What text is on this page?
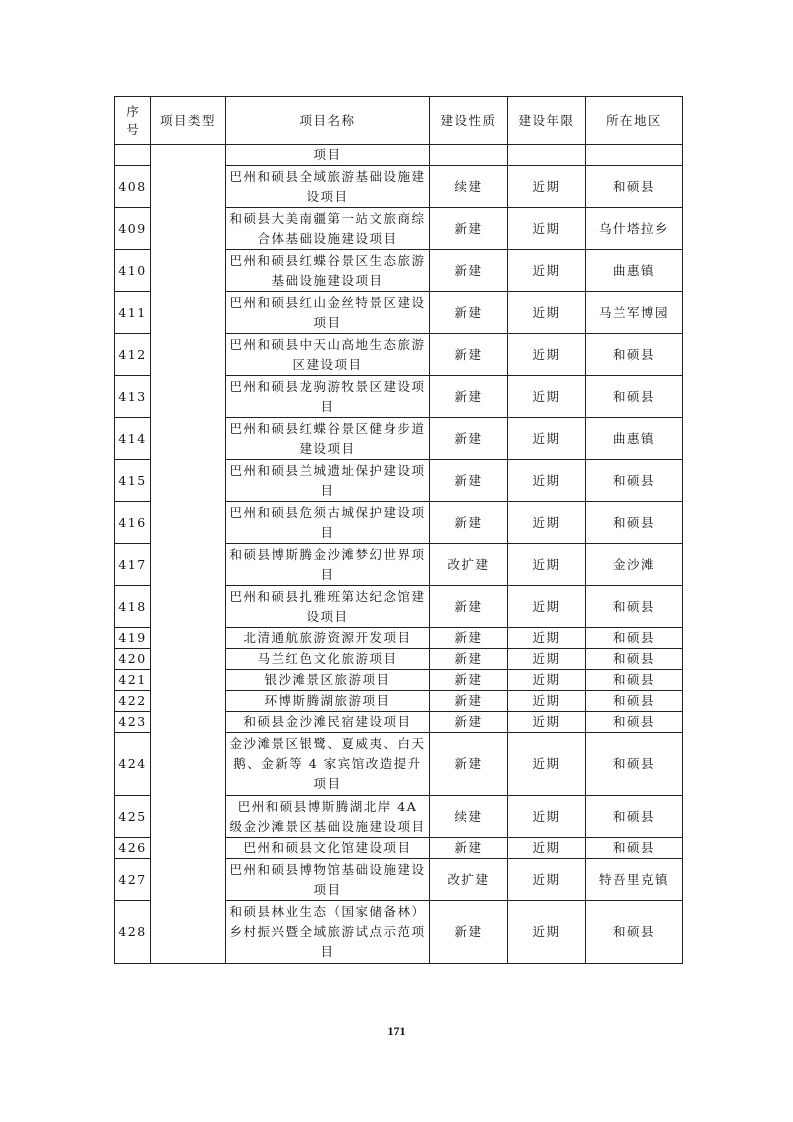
序号	项目类型	项目名称	建设性质	建设年限	所在地区
		项目			
408		巴州和硕县全域旅游基础设施建设项目	续建	近期	和硕县
409		和硕县大美南疆第一站文旅商综合体基础设施建设项目	新建	近期	乌什塔拉乡
410		巴州和硕县红蝶谷景区生态旅游基础设施建设项目	新建	近期	曲惠镇
411		巴州和硕县红山金丝特景区建设项目	新建	近期	马兰军博园
412		巴州和硕县中天山高地生态旅游区建设项目	新建	近期	和硕县
413		巴州和硕县龙驹游牧景区建设项目	新建	近期	和硕县
414		巴州和硕县红蝶谷景区健身步道建设项目	新建	近期	曲惠镇
415		巴州和硕县兰城遗址保护建设项目	新建	近期	和硕县
416		巴州和硕县危须古城保护建设项目	新建	近期	和硕县
417		和硕县博斯腾金沙滩梦幻世界项目	改扩建	近期	金沙滩
418		巴州和硕县扎雅班第达纪念馆建设项目	新建	近期	和硕县
419		北清通航旅游资源开发项目	新建	近期	和硕县
420		马兰红色文化旅游项目	新建	近期	和硕县
421		银沙滩景区旅游项目	新建	近期	和硕县
422		环博斯腾湖旅游项目	新建	近期	和硕县
423		和硕县金沙滩民宿建设项目	新建	近期	和硕县
424		金沙滩景区银鹭、夏威夷、白天鹅、金新等 4 家宾馆改造提升项目	新建	近期	和硕县
425		巴州和硕县博斯腾湖北岸 4A 级金沙滩景区基础设施建设项目	续建	近期	和硕县
426		巴州和硕县文化馆建设项目	新建	近期	和硕县
427		巴州和硕县博物馆基础设施建设项目	改扩建	近期	特吾里克镇
428		和硕县林业生态（国家储备林）乡村振兴暨全域旅游试点示范项目	新建	近期	和硕县
171
